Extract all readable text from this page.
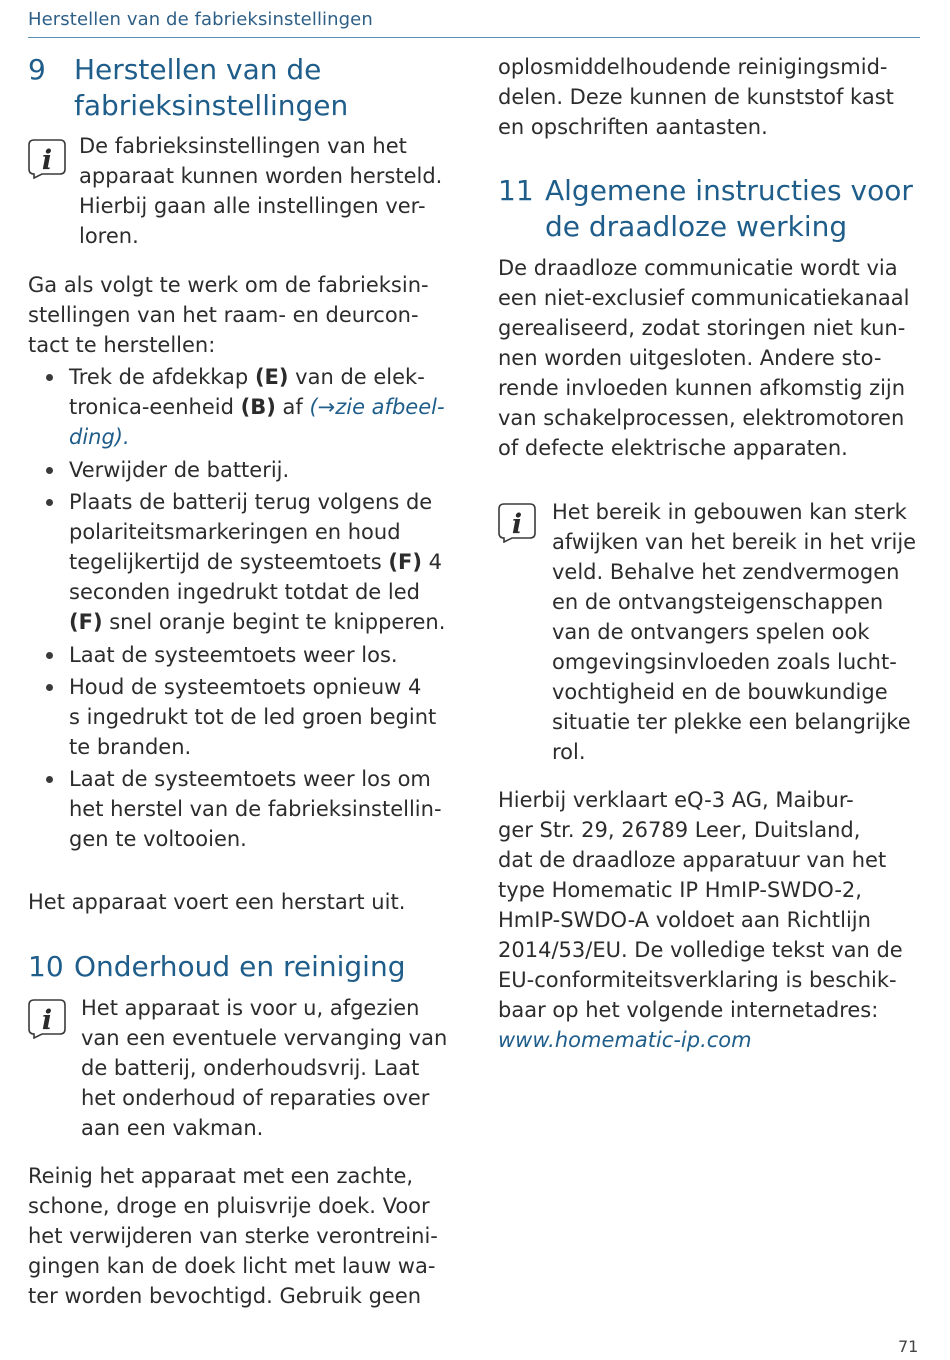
Herstellen van de fabrieksinstellingen
9 Herstellen van de
fabrieksinstellingen
i De fabrieksinstellingen van het
apparaat kunnen worden hersteld.
Hierbij gaan alle instellingen ver-
loren.
Ga als volgt te werk om de fabrieksin-
stellingen van het raam- en deurcon-
tact te herstellen:
Trek de afdekkap (E) van de elek-
tronica-eenheid (B) af (→zie afbeel-
ding).
Verwijder de batterij.
Plaats de batterij terug volgens de
polariteitsmarkeringen en houd
tegelijkertijd de systeemtoets (F) 4
seconden ingedrukt totdat de led
(F) snel oranje begint te knipperen.
Laat de systeemtoets weer los.
Houd de systeemtoets opnieuw 4
s ingedrukt tot de led groen begint
te branden.
Laat de systeemtoets weer los om
het herstel van de fabrieksinstellin-
gen te voltooien.
Het apparaat voert een herstart uit.
10 Onderhoud en reiniging
i Het apparaat is voor u, afgezien
van een eventuele vervanging van
de batterij, onderhoudsvrij. Laat
het onderhoud of reparaties over
aan een vakman.
Reinig het apparaat met een zachte,
schone, droge en pluisvrije doek. Voor
het verwijderen van sterke verontreini-
gingen kan de doek licht met lauw wa-
ter worden bevochtigd. Gebruik geen
oplosmiddelhoudende reinigingsmid-
delen. Deze kunnen de kunststof kast
en opschriften aantasten.
11 Algemene instructies voor
de draadloze werking
De draadloze communicatie wordt via
een niet-exclusief communicatiekanaal
gerealiseerd, zodat storingen niet kun-
nen worden uitgesloten. Andere sto-
rende invloeden kunnen afkomstig zijn
van schakelprocessen, elektromotoren
of defecte elektrische apparaten.
i Het bereik in gebouwen kan sterk
afwijken van het bereik in het vrije
veld. Behalve het zendvermogen
en de ontvangsteigenschappen
van de ontvangers spelen ook
omgevingsinvloeden zoals lucht-
vochtigheid en de bouwkundige
situatie ter plekke een belangrijke
rol.
Hierbij verklaart eQ-3 AG, Maibur-
ger Str. 29, 26789 Leer, Duitsland,
dat de draadloze apparatuur van het
type Homematic IP HmIP-SWDO-2,
HmIP-SWDO-A voldoet aan Richtlijn
2014/53/EU. De volledige tekst van de
EU-conformiteitsverklaring is beschik-
baar op het volgende internetadres:
www.homematic-ip.com
71
